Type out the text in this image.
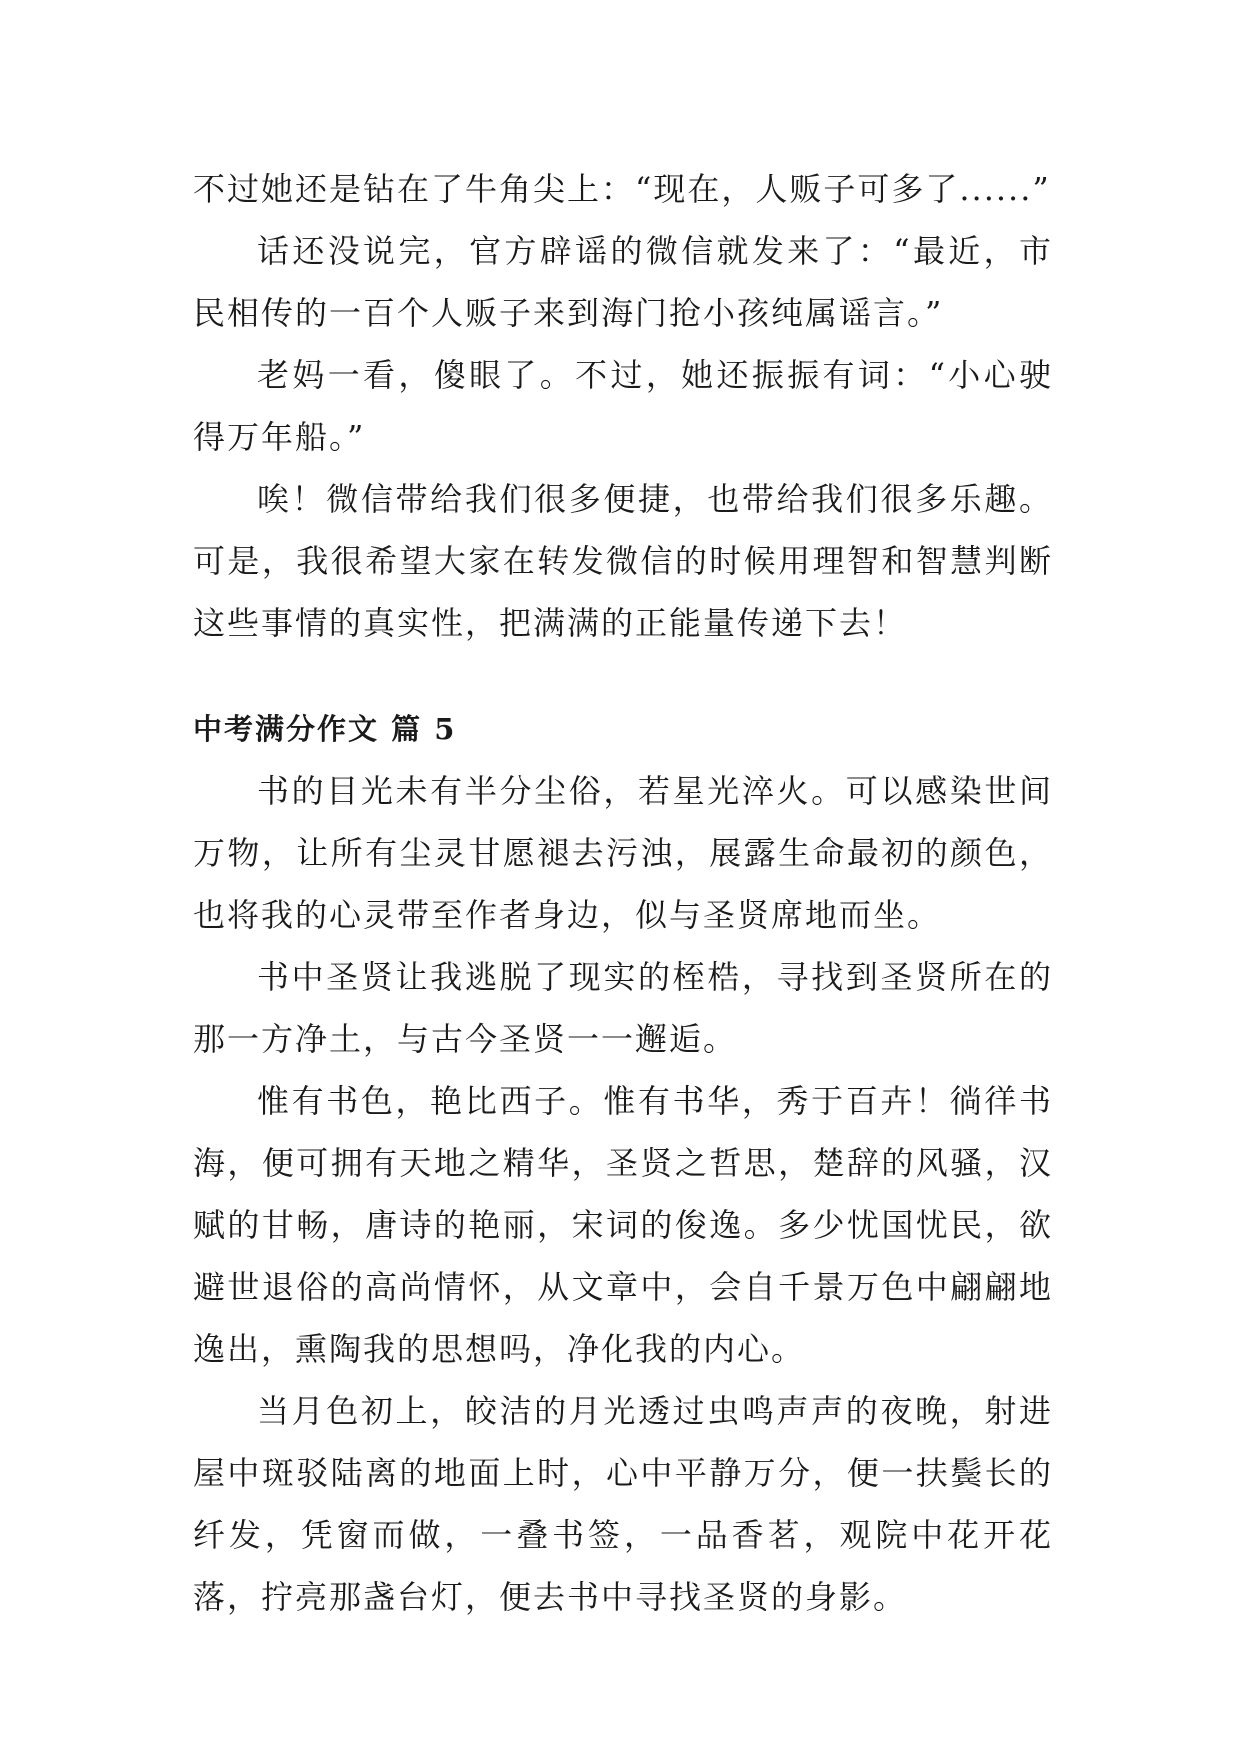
不过她还是钻在了牛角尖上：“现在，人贩子可多了......”

话还没说完，官方辟谣的微信就发来了：“最近，市民相传的一百个人贩子来到海门抢小孩纯属谣言。”

老妈一看，傻眼了。不过，她还振振有词：“小心驶得万年船。”

唉！微信带给我们很多便捷，也带给我们很多乐趣。可是，我很希望大家在转发微信的时候用理智和智慧判断这些事情的真实性，把满满的正能量传递下去！

中考满分作文 篇 5

书的目光未有半分尘俗，若星光淬火。可以感染世间万物，让所有尘灵甘愿褪去污浊，展露生命最初的颜色，也将我的心灵带至作者身边，似与圣贤席地而坐。

书中圣贤让我逃脱了现实的桎梏，寻找到圣贤所在的那一方净土，与古今圣贤一一邂逅。

惟有书色，艳比西子。惟有书华，秀于百卉！徜徉书海，便可拥有天地之精华，圣贤之哲思，楚辞的风骚，汉赋的甘畅，唐诗的艳丽，宋词的俊逸。多少忧国忧民，欲避世退俗的高尚情怀，从文章中，会自千景万色中翩翩地逸出，熏陶我的思想吗，净化我的内心。

当月色初上，皎洁的月光透过虫鸣声声的夜晚，射进屋中斑驳陆离的地面上时，心中平静万分，便一扶鬓长的纤发，凭窗而做，一叠书签，一品香茗，观院中花开花落，拧亮那盏台灯，便去书中寻找圣贤的身影。
